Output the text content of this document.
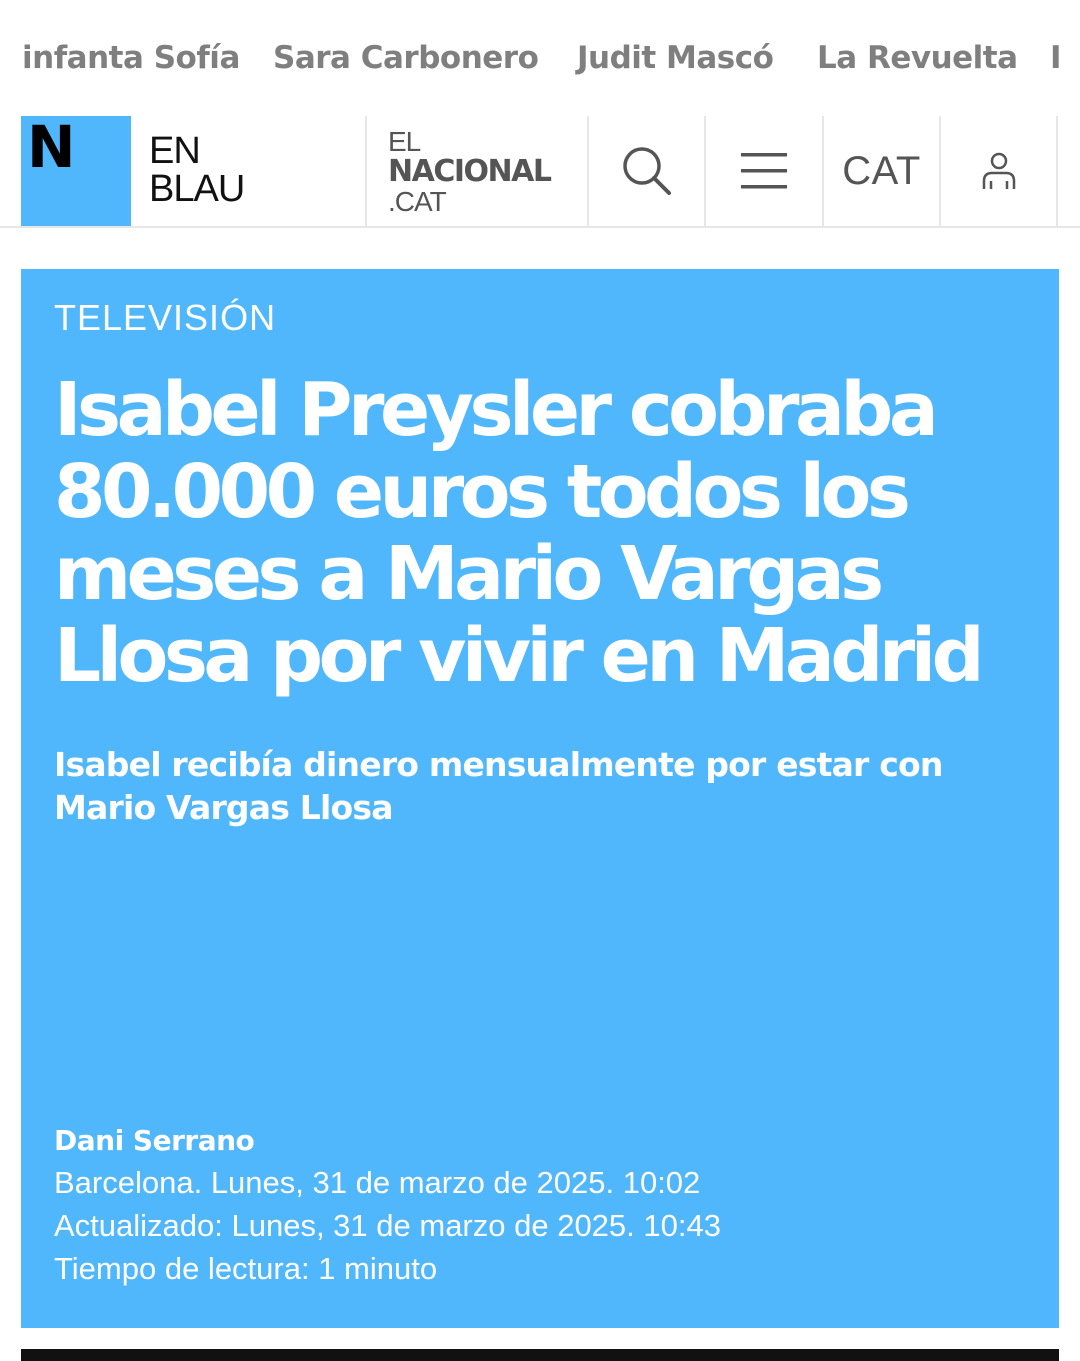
infanta Sofía Sara Carbonero Judit Mascó La Revuelta I
N EN
BLAU
EL
NACIONAL
.CAT
CAT
TELEVISIÓN
Isabel Preysler cobraba 80.000 euros todos los meses a Mario Vargas Llosa por vivir en Madrid
Isabel recibía dinero mensualmente por estar con Mario Vargas Llosa
Dani Serrano
Barcelona. Lunes, 31 de marzo de 2025. 10:02
Actualizado: Lunes, 31 de marzo de 2025. 10:43
Tiempo de lectura: 1 minuto
